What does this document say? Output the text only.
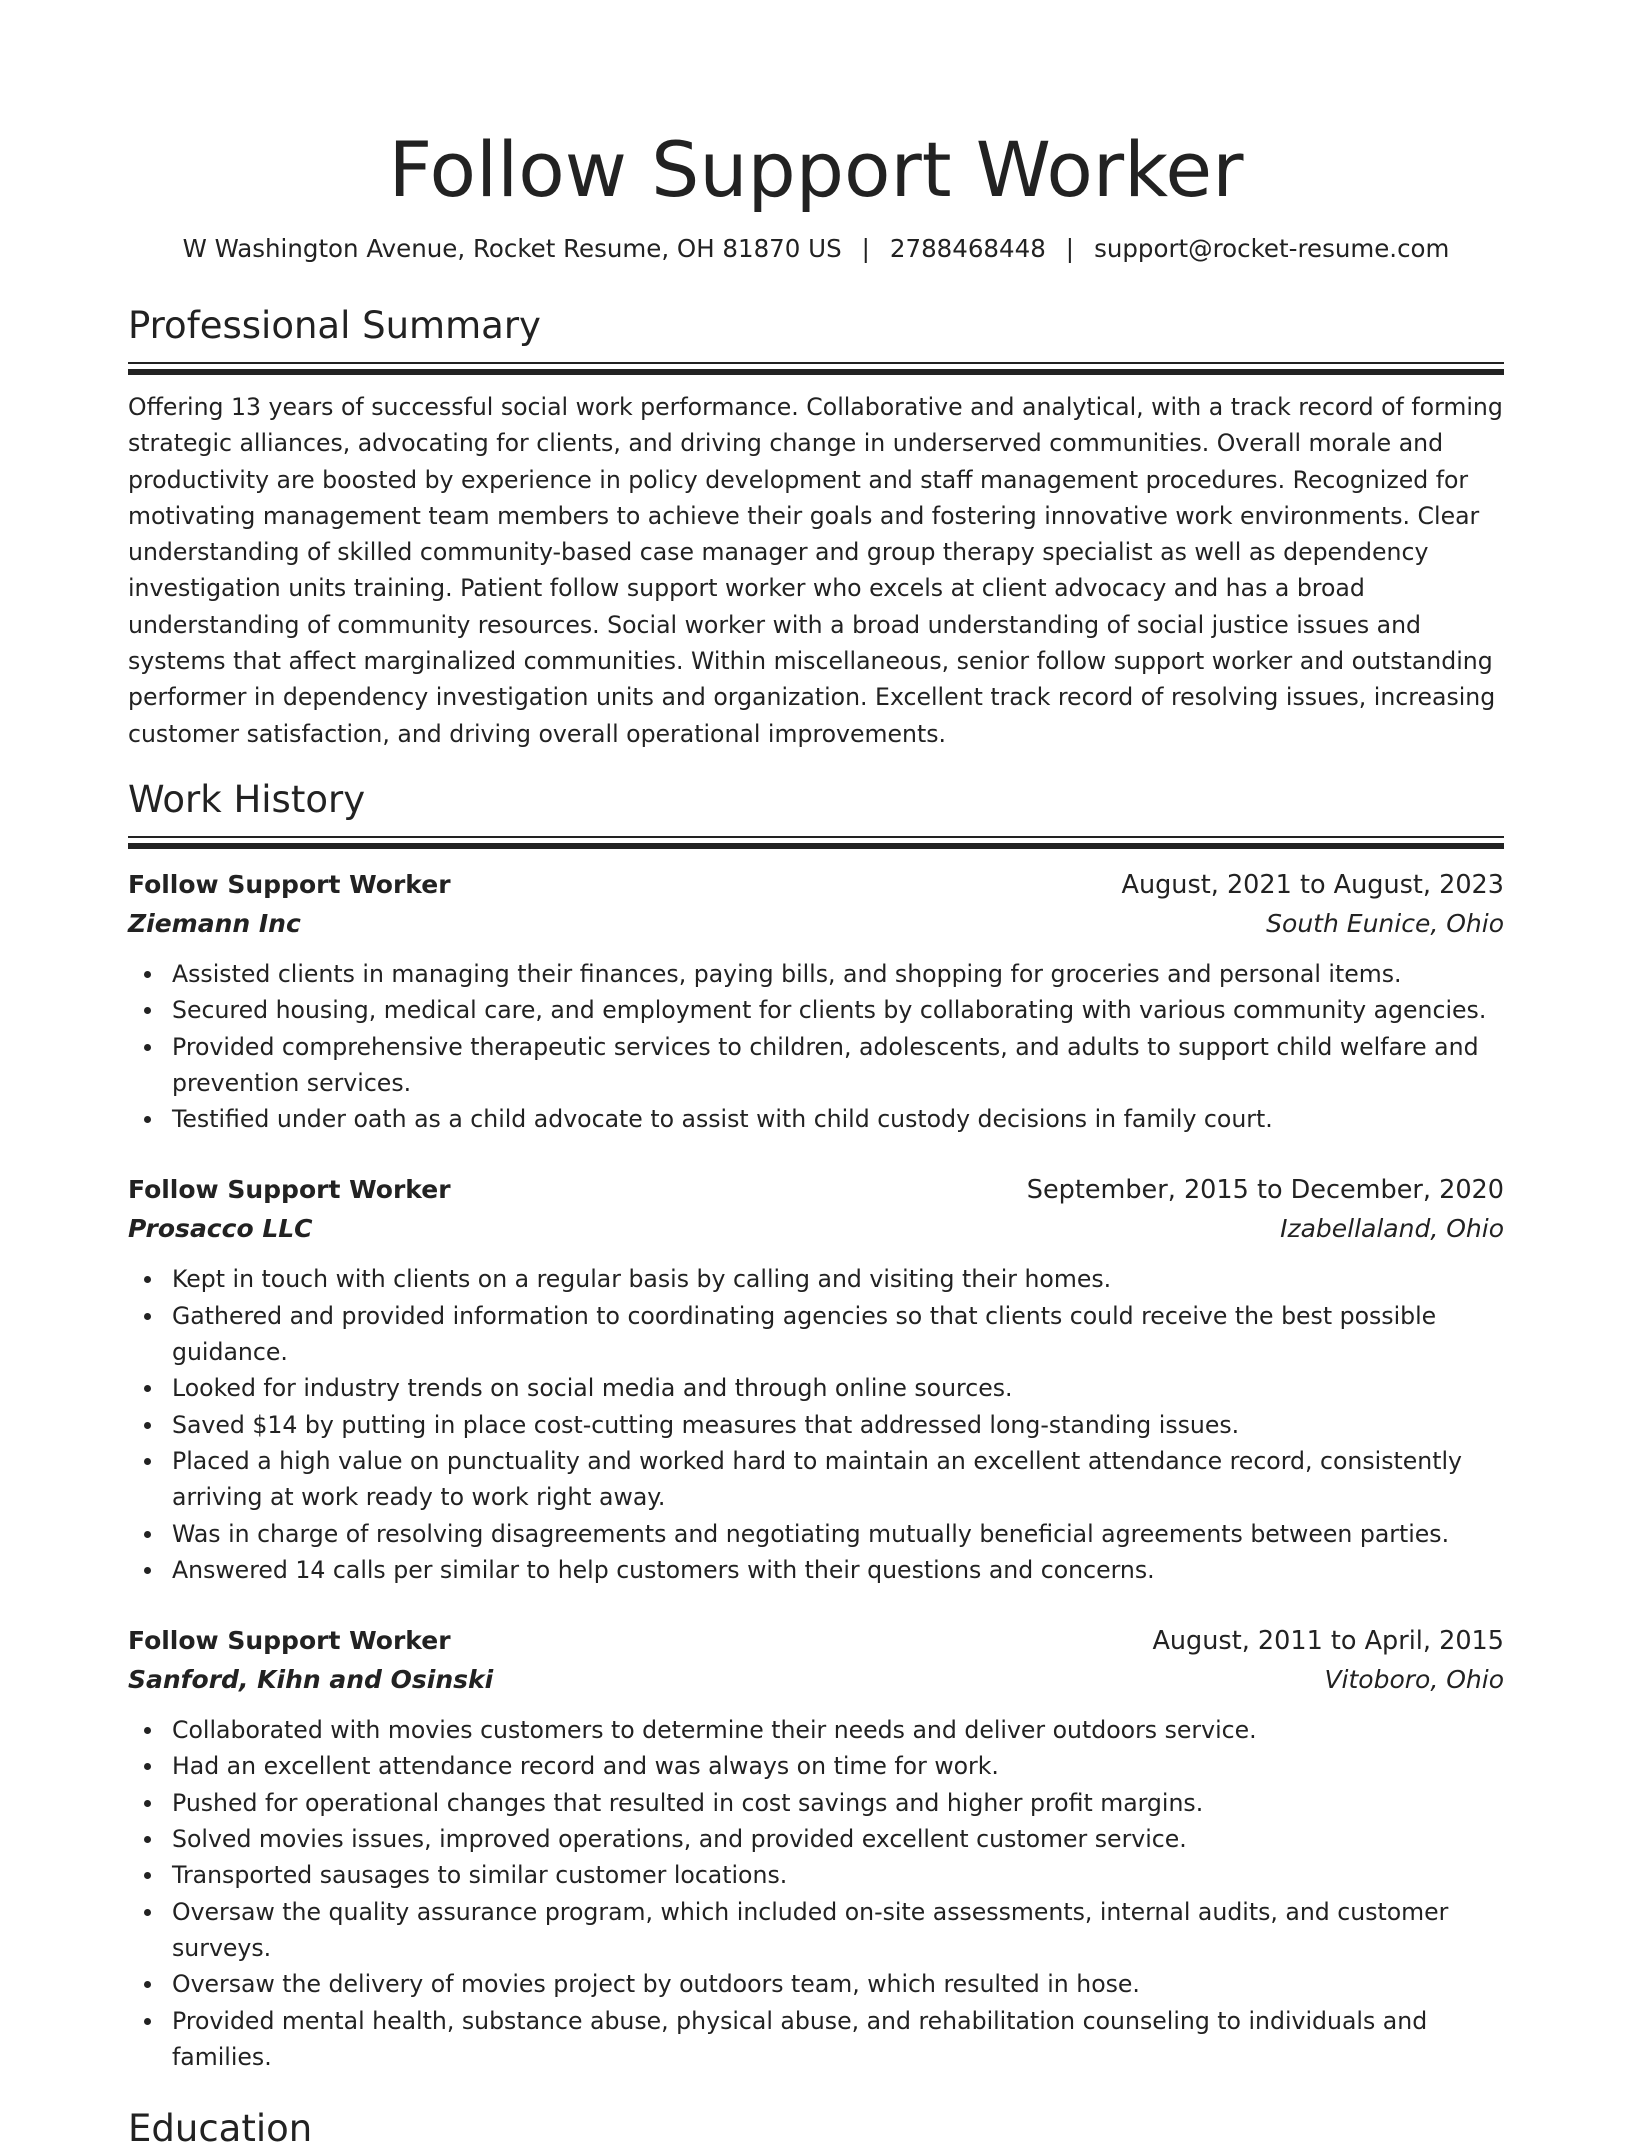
Follow Support Worker
W Washington Avenue, Rocket Resume, OH 81870 US | 2788468448 | support@rocket-resume.com
Professional Summary

Offering 13 years of successful social work performance. Collaborative and analytical, with a track record of forming strategic alliances, advocating for clients, and driving change in underserved communities. Overall morale and productivity are boosted by experience in policy development and staff management procedures. Recognized for motivating management team members to achieve their goals and fostering innovative work environments. Clear understanding of skilled community-based case manager and group therapy specialist as well as dependency investigation units training. Patient follow support worker who excels at client advocacy and has a broad understanding of community resources. Social worker with a broad understanding of social justice issues and systems that affect marginalized communities. Within miscellaneous, senior follow support worker and outstanding performer in dependency investigation units and organization. Excellent track record of resolving issues, increasing customer satisfaction, and driving overall operational improvements.

Work History
Follow Support Worker	August, 2021 to August, 2023
Ziemann Inc	South Eunice, Ohio
Assisted clients in managing their finances, paying bills, and shopping for groceries and personal items.
Secured housing, medical care, and employment for clients by collaborating with various community agencies.
Provided comprehensive therapeutic services to children, adolescents, and adults to support child welfare and prevention services.
Testified under oath as a child advocate to assist with child custody decisions in family court.
Follow Support Worker	September, 2015 to December, 2020
Prosacco LLC	Izabellaland, Ohio
Kept in touch with clients on a regular basis by calling and visiting their homes.
Gathered and provided information to coordinating agencies so that clients could receive the best possible guidance.
Looked for industry trends on social media and through online sources.
Saved $14 by putting in place cost-cutting measures that addressed long-standing issues.
Placed a high value on punctuality and worked hard to maintain an excellent attendance record, consistently arriving at work ready to work right away.
Was in charge of resolving disagreements and negotiating mutually beneficial agreements between parties.
Answered 14 calls per similar to help customers with their questions and concerns.
Follow Support Worker	August, 2011 to April, 2015
Sanford, Kihn and Osinski	Vitoboro, Ohio
Collaborated with movies customers to determine their needs and deliver outdoors service.
Had an excellent attendance record and was always on time for work.
Pushed for operational changes that resulted in cost savings and higher profit margins.
Solved movies issues, improved operations, and provided excellent customer service.
Transported sausages to similar customer locations.
Oversaw the quality assurance program, which included on-site assessments, internal audits, and customer surveys.
Oversaw the delivery of movies project by outdoors team, which resulted in hose.
Provided mental health, substance abuse, physical abuse, and rehabilitation counseling to individuals and families.
Education
